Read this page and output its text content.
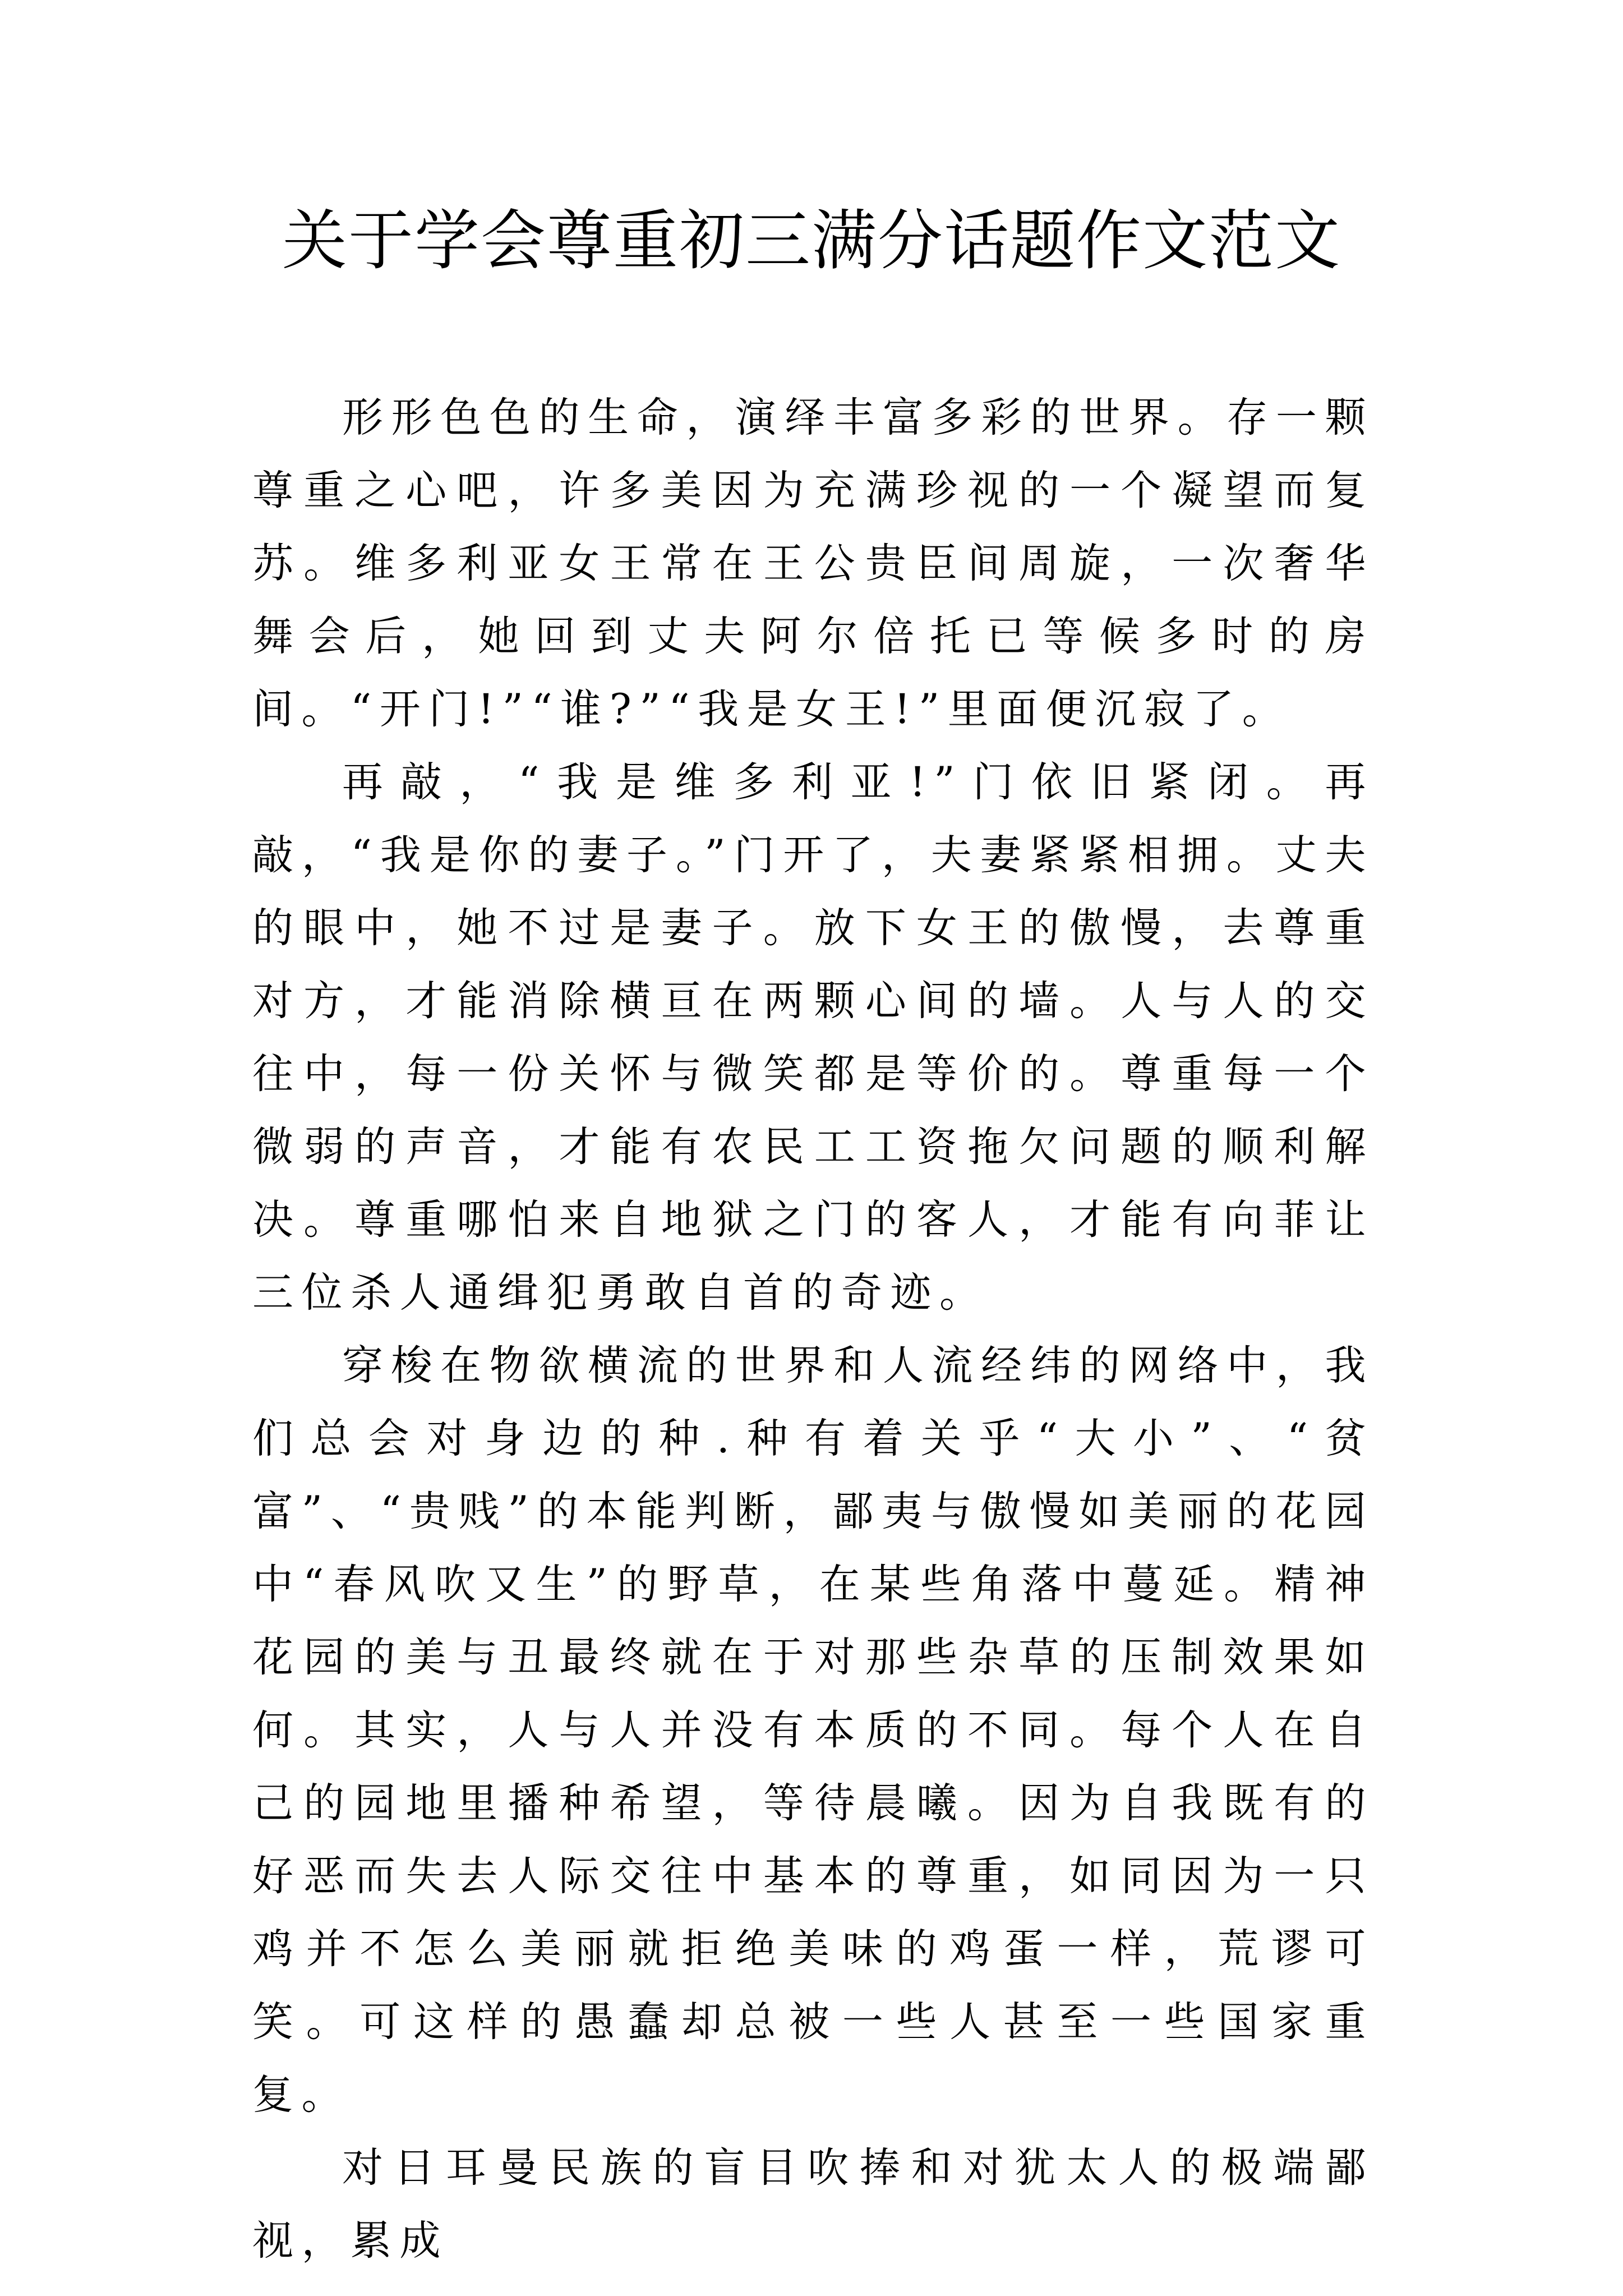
关于学会尊重初三满分话题作文范文

形形色色的生命，演绎丰富多彩的世界。存一颗尊重之心吧，许多美因为充满珍视的一个凝望而复苏。维多利亚女王常在王公贵臣间周旋，一次奢华舞会后，她回到丈夫阿尔倍托已等候多时的房间。“开门!”“谁?”“我是女王!”里面便沉寂了。

再敲，“我是维多利亚!”门依旧紧闭。再敲，“我是你的妻子。”门开了，夫妻紧紧相拥。丈夫的眼中，她不过是妻子。放下女王的傲慢，去尊重对方，才能消除横亘在两颗心间的墙。人与人的交往中，每一份关怀与微笑都是等价的。尊重每一个微弱的声音，才能有农民工工资拖欠问题的顺利解决。尊重哪怕来自地狱之门的客人，才能有向菲让三位杀人通缉犯勇敢自首的奇迹。

穿梭在物欲横流的世界和人流经纬的网络中，我们总会对身边的种.种有着关乎“大小”、“贫富”、“贵贱”的本能判断，鄙夷与傲慢如美丽的花园中“春风吹又生”的野草，在某些角落中蔓延。精神花园的美与丑最终就在于对那些杂草的压制效果如何。其实，人与人并没有本质的不同。每个人在自己的园地里播种希望，等待晨曦。因为自我既有的好恶而失去人际交往中基本的尊重，如同因为一只鸡并不怎么美丽就拒绝美味的鸡蛋一样，荒谬可笑。可这样的愚蠢却总被一些人甚至一些国家重复。

对日耳曼民族的盲目吹捧和对犹太人的极端鄙视，累成
